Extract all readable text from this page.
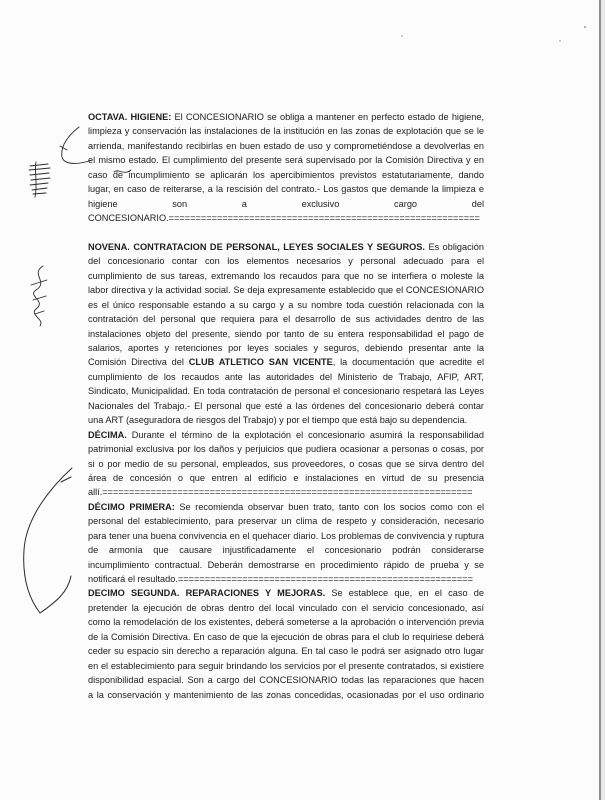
OCTAVA. HIGIENE: El CONCESIONARIO se obliga a mantener en perfecto estado de higiene,
limpieza y conservación las instalaciones de la institución en las zonas de explotación que se le
arrienda, manifestando recibirlas en buen estado de uso y comprometiéndose a devolverlas en
el mismo estado. El cumplimiento del presente será supervisado por la Comisión Directiva y en
caso de incumplimiento se aplicarán los apercibimientos previstos estatutariamente, dando
lugar, en caso de reiterarse, a la rescisión del contrato.- Los gastos que demande la limpieza e
higiene son a exclusivo cargo del
CONCESIONARIO.==========================================================
NOVENA. CONTRATACION DE PERSONAL, LEYES SOCIALES Y SEGUROS. Es obligación
del concesionario contar con los elementos necesarios y personal adecuado para el
cumplimiento de sus tareas, extremando los recaudos para que no se interfiera o moleste la
labor directiva y la actividad social. Se deja expresamente establecido que el CONCESIONARIO
es el único responsable estando a su cargo y a su nombre toda cuestión relacionada con la
contratación del personal que requiera para el desarrollo de sus actividades dentro de las
instalaciones objeto del presente, siendo por tanto de su entera responsabilidad el pago de
salarios, aportes y retenciones por leyes sociales y seguros, debiendo presentar ante la
Comisión Directiva del CLUB ATLETICO SAN VICENTE, la documentación que acredite el
cumplimiento de los recaudos ante las autoridades del Ministerio de Trabajo, AFIP, ART,
Sindicato, Municipalidad. En toda contratación de personal el concesionario respetará las Leyes
Nacionales del Trabajo.- El personal que esté a las órdenes del concesionario deberá contar
una ART (aseguradora de riesgos del Trabajo) y por el tiempo que está bajo su dependencia.
DÉCIMA. Durante el término de la explotación el concesionario asumirá la responsabilidad
patrimonial exclusiva por los daños y perjuicios que pudiera ocasionar a personas o cosas, por
si o por medio de su personal, empleados, sus proveedores, o cosas que se sirva dentro del
área de concesión o que entren al edificio e instalaciones en virtud de su presencia
allí.=====================================================================
DÉCIMO PRIMERA: Se recomienda observar buen trato, tanto con los socios como con el
personal del establecimiento, para preservar un clima de respeto y consideración, necesario
para tener una buena convivencia en el quehacer diario. Los problemas de convivencia y ruptura
de armonía que causare injustificadamente el concesionario podrán considerarse
incumplimiento contractual. Deberán demostrarse en procedimiento rápido de prueba y se
notificará el resultado.=======================================================
DECIMO SEGUNDA. REPARACIONES Y MEJORAS. Se establece que, en el caso de
pretender la ejecución de obras dentro del local vinculado con el servicio concesionado, así
como la remodelación de los existentes, deberá someterse a la aprobación o intervención previa
de la Comisión Directiva. En caso de que la ejecución de obras para el club lo requiriese deberá
ceder su espacio sin derecho a reparación alguna. En tal caso le podrá ser asignado otro lugar
en el establecimiento para seguir brindando los servicios por el presente contratados, si existiere
disponibilidad espacial. Son a cargo del CONCESIONARIO todas las reparaciones que hacen
a la conservación y mantenimiento de las zonas concedidas, ocasionadas por el uso ordinario
